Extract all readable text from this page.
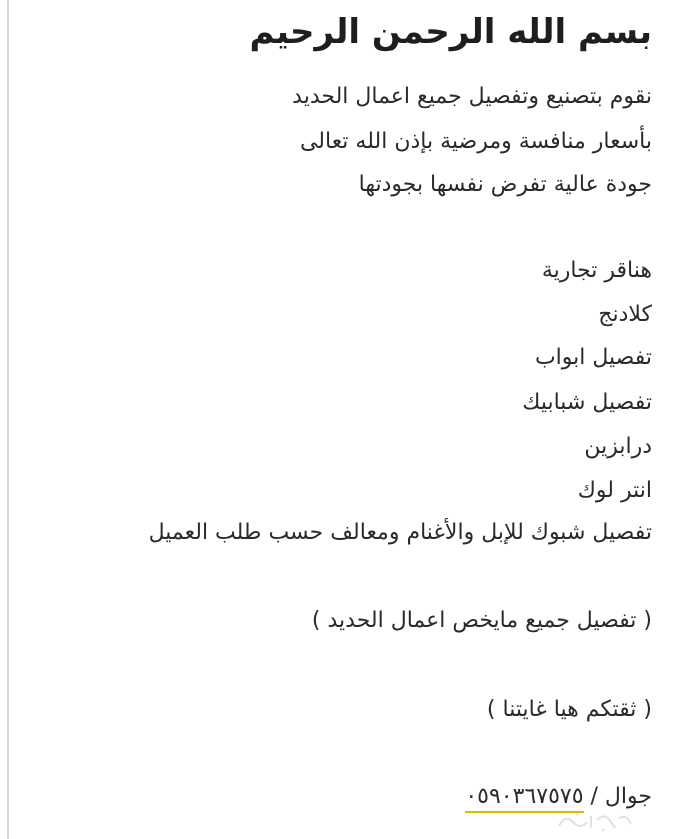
بسم الله الرحمن الرحيم
نقوم بتصنيع وتفصيل جميع اعمال الحديد
بأسعار منافسة ومرضية بإذن الله تعالى
جودة عالية تفرض نفسها بجودتها
هناقر تجارية
كلادنج
تفصيل ابواب
تفصيل شبابيك
درابزين
انتر لوك
تفصيل شبوك للإبل والأغنام ومعالف حسب طلب العميل
( تفصيل جميع مايخص اعمال الحديد )
( ثقتكم هيا غايتنا )
جوال / ٠٥٩٠٣٦٧٥٧٥
